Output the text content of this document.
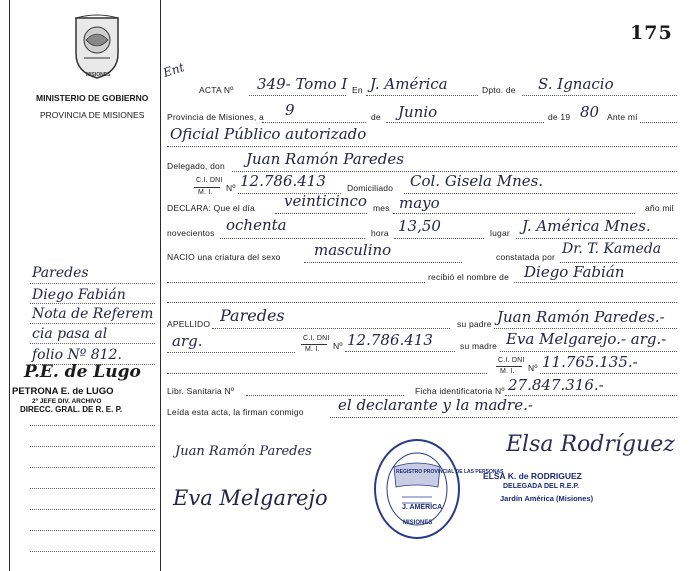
175
MISIONES
MINISTERIO DE GOBIERNO
PROVINCIA DE MISIONES
Paredes
Diego Fabián
Nota de Referem
cia pasa al
folio Nº 812.
P.E. de Lugo
PETRONA E. de LUGO
2º JEFE DIV. ARCHIVO
DIRECC. GRAL. DE R. E. P.
Ent
ACTA Nº 349- Tomo I En J. América	Dpto. de S. Ignacio
Provincia de Misiones, a 9	de Junio	de 19 80 Ante mí
Oficial Público autorizado
Delegado, don Juan Ramón Paredes
C.I. DNI
M. I. Nº 12.786.413 Domiciliado Col. Gisela Mnes.
DECLARA: Que el día veinticinco mes mayo	año mil
novecientos ochenta	hora 13,50	lugar J. América Mnes.
NACIO una criatura del sexo masculino	constatada por Dr. T. Kameda
recibió el nombre de Diego Fabián
APELLIDO Paredes	su padre Juan Ramón Paredes.-
arg.	C.I. DNI
M. I. Nº 12.786.413	su madre Eva Melgarejo.- arg.-
C.I. DNI
M. I. Nº 11.765.135.-
Libr. Sanitaria Nº	Ficha identificatoria Nº 27.847.316.-
Leída esta acta, la firman conmigo el declarante y la madre.-
Juan Ramón Paredes
Eva Melgarejo
Elsa Rodríguez
REGISTRO PROVINCIAL DE LAS PERSONAS
J. AMÉRICA
MISIONES
ELSA K. de RODRIGUEZ
DELEGADA DEL R.E.P.
Jardín América (Misiones)
